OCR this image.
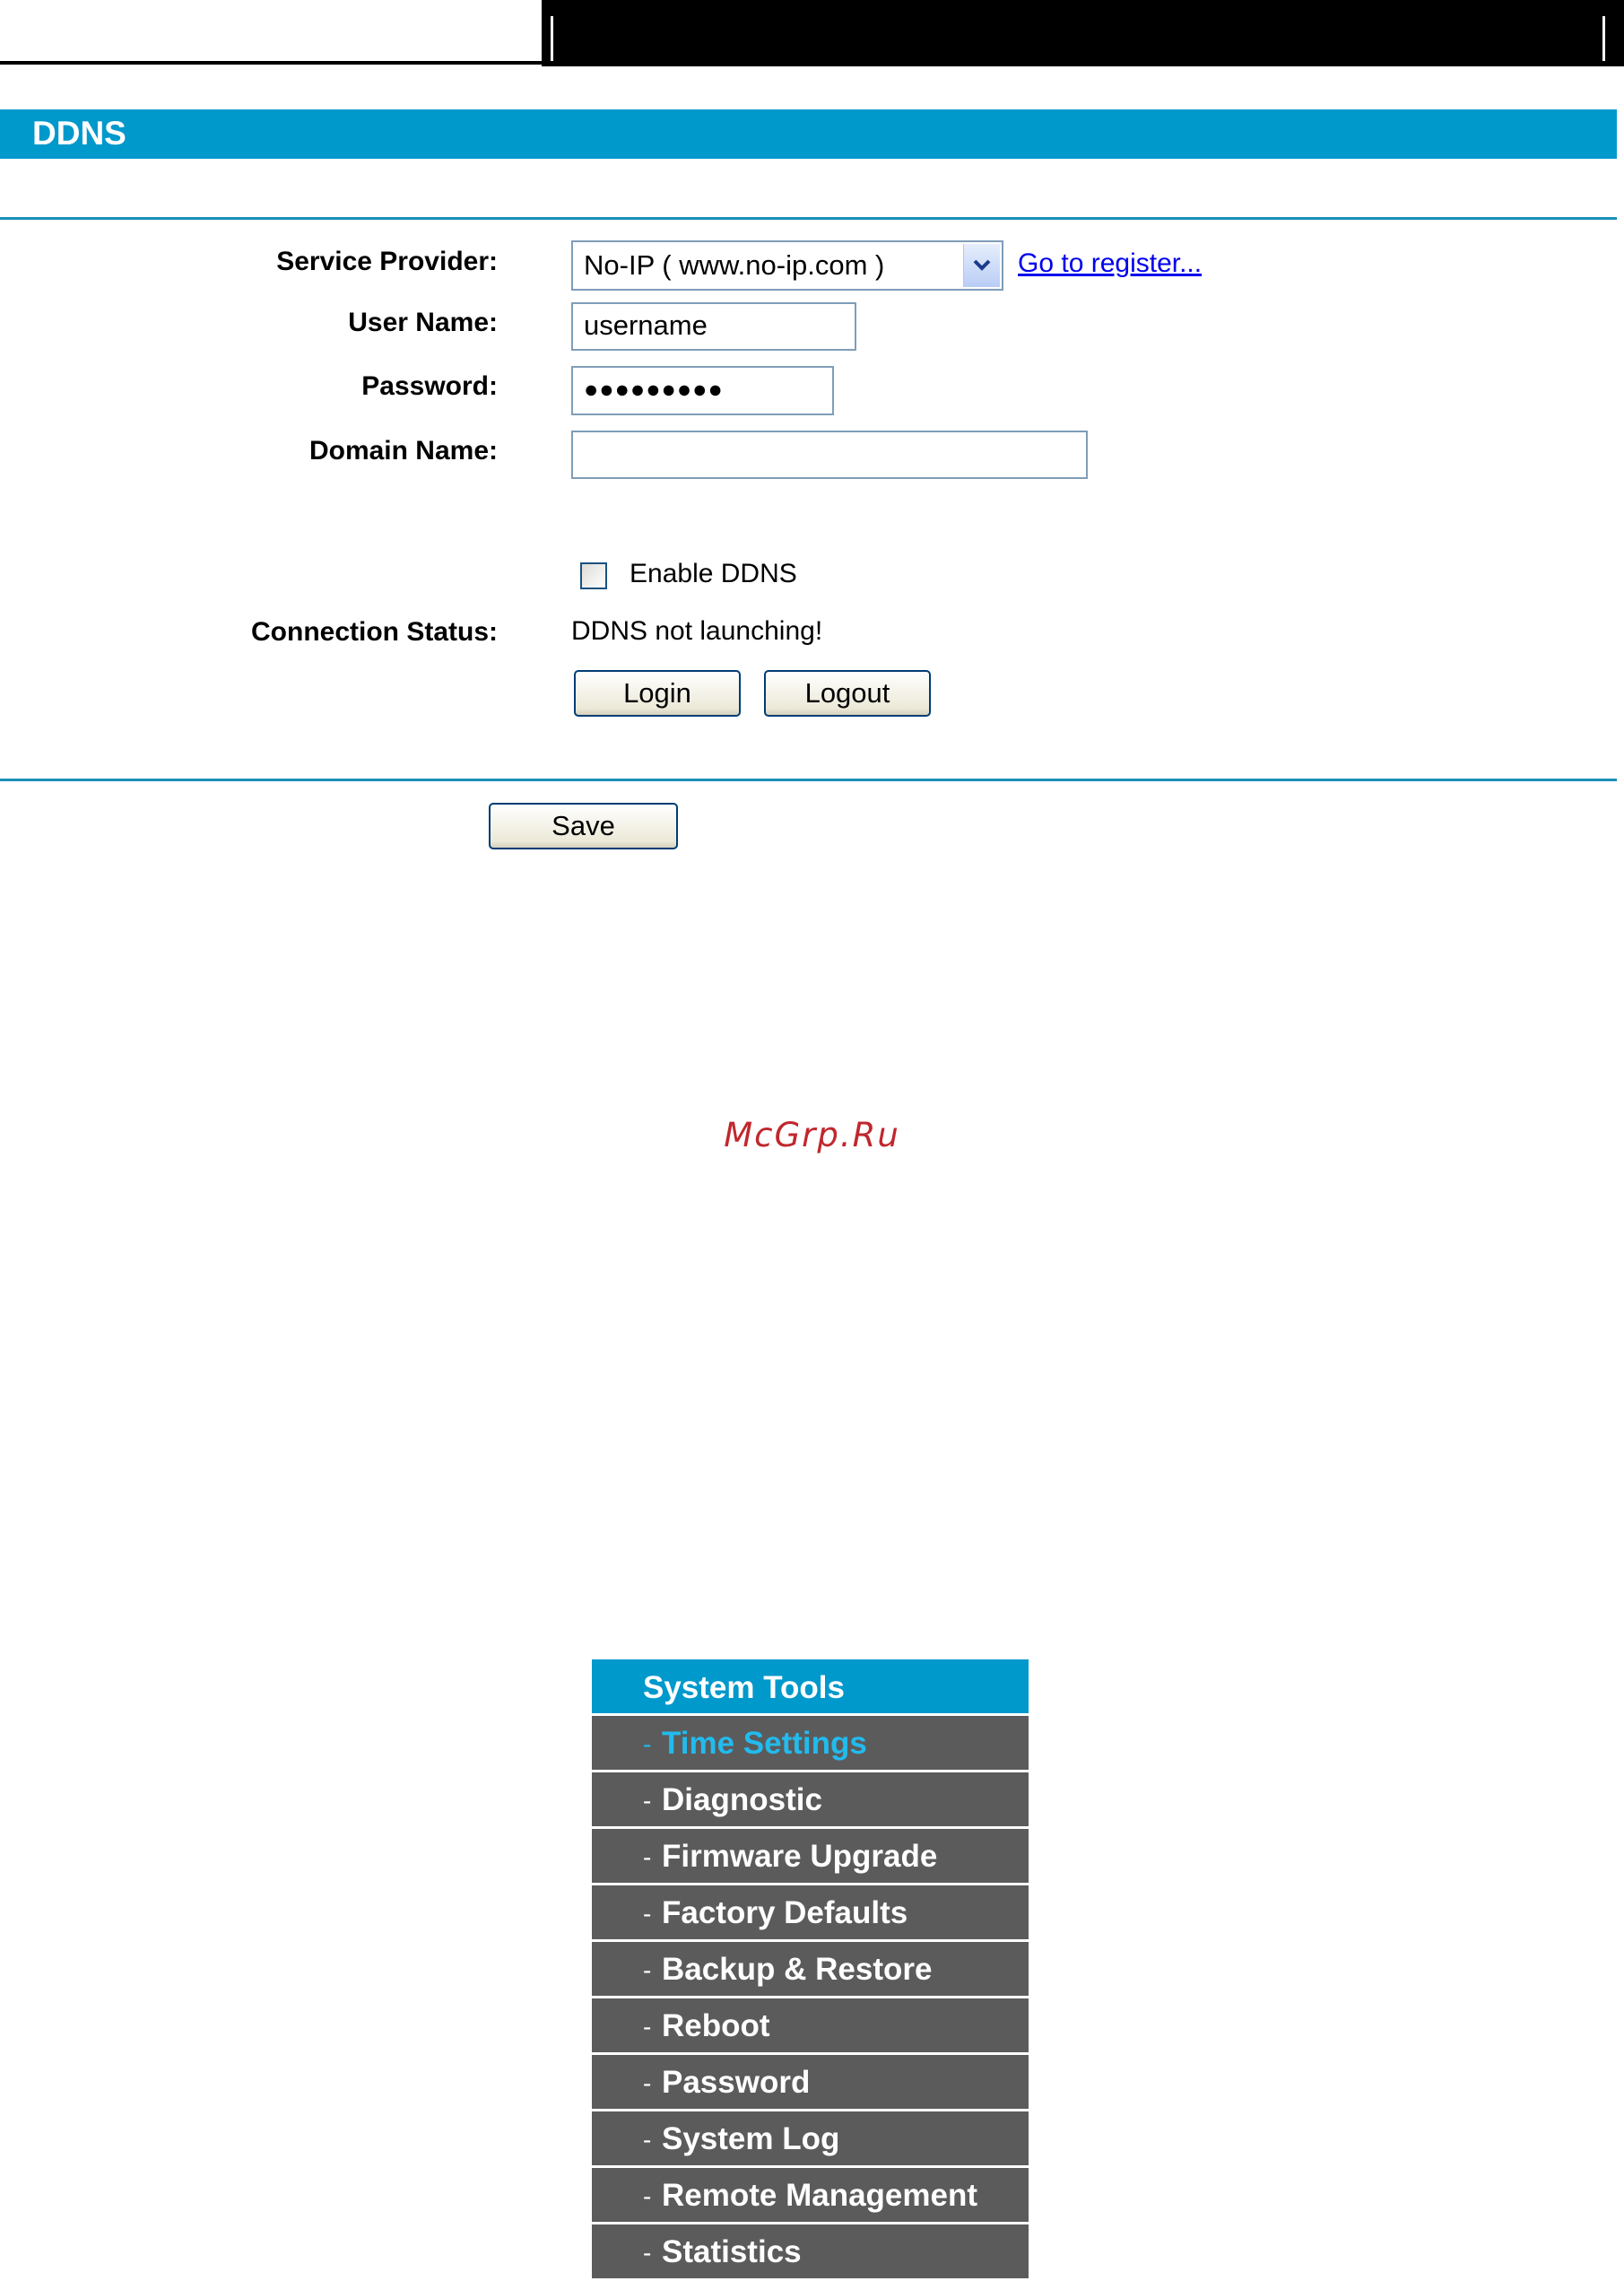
DDNS
Service Provider:	No-IP ( www.no-ip.com )	Go to register...
User Name:	username
Password:	●●●●●●●●●
Domain Name:
Enable DDNS
Connection Status:	DDNS not launching!
Login	Logout
Save
McGrp.Ru
System Tools
- Time Settings
- Diagnostic
- Firmware Upgrade
- Factory Defaults
- Backup & Restore
- Reboot
- Password
- System Log
- Remote Management
- Statistics
